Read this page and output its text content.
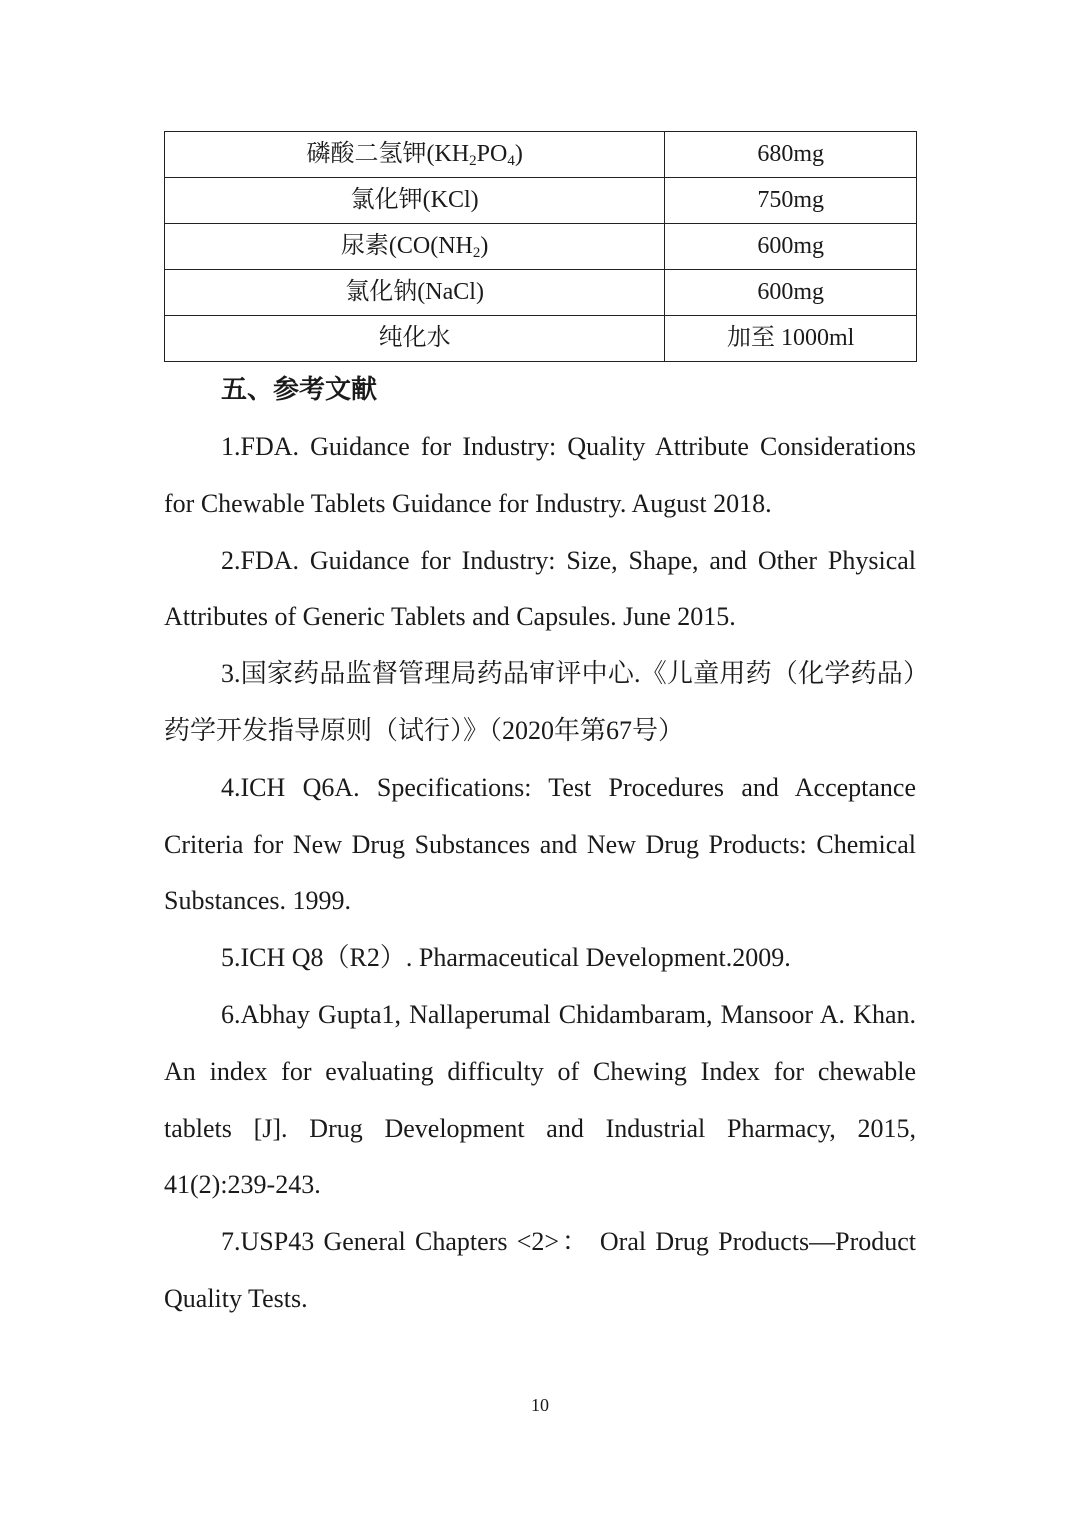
磷酸二氢钾$(KH_2PO_4)$	680mg
氯化钾(KCl)	750mg
尿素($CO(NH_2)$	600mg
氯化钠(NaCl)	600mg
纯化水	加至 1000ml
五、参考文献

1.FDA. Guidance for Industry: Quality Attribute Considerations for Chewable Tablets Guidance for Industry. August 2018.

2.FDA. Guidance for Industry: Size, Shape, and Other Physical Attributes of Generic Tablets and Capsules. June 2015.

3.国家药品监督管理局药品审评中心.《儿童用药（化学药品）药学开发指导原则（试行）》（2020年第67号）

4.ICH Q6A. Specifications: Test Procedures and Acceptance Criteria for New Drug Substances and New Drug Products: Chemical Substances. 1999.

5.ICH Q8（R2）. Pharmaceutical Development.2009.

6.Abhay Gupta1, Nallaperumal Chidambaram, Mansoor A. Khan. An index for evaluating difficulty of Chewing Index for chewable tablets [J]. Drug Development and Industrial Pharmacy, 2015, 41(2):239-243.

7.USP43 General Chapters <2>： Oral Drug Products—Product Quality Tests.

10
